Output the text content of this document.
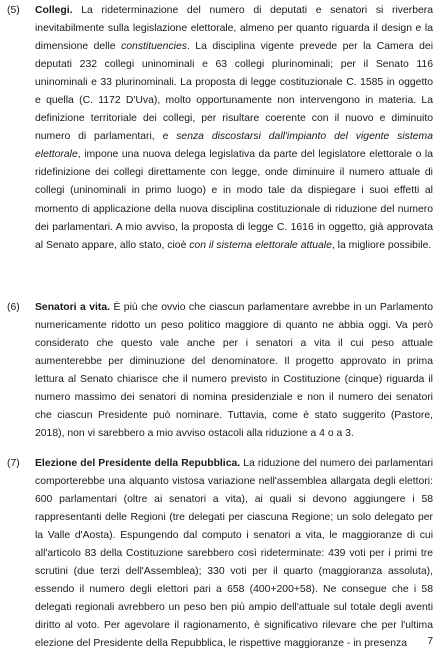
(5)	Collegi. La rideterminazione del numero di deputati e senatori si riverbera inevitabilmente sulla legislazione elettorale, almeno per quanto riguarda il design e la dimensione delle constituencies. La disciplina vigente prevede per la Camera dei deputati 232 collegi uninominali e 63 collegi plurinominali; per il Senato 116 uninominali e 33 plurinominali. La proposta di legge costituzionale C. 1585 in oggetto e quella (C. 1172 D'Uva), molto opportunamente non intervengono in materia. La definizione territoriale dei collegi, per risultare coerente con il nuovo e diminuito numero di parlamentari, e senza discostarsi dall'impianto del vigente sistema elettorale, impone una nuova delega legislativa da parte del legislatore elettorale o la ridefinizione dei collegi direttamente con legge, onde diminuire il numero attuale di collegi (uninominali in primo luogo) e in modo tale da dispiegare i suoi effetti al momento di applicazione della nuova disciplina costituzionale di riduzione del numero dei parlamentari. A mio avviso, la proposta di legge C. 1616 in oggetto, già approvata al Senato appare, allo stato, cioè con il sistema elettorale attuale, la migliore possibile.
(6)	Senatori a vita. È più che ovvio che ciascun parlamentare avrebbe in un Parlamento numericamente ridotto un peso politico maggiore di quanto ne abbia oggi. Va però considerato che questo vale anche per i senatori a vita il cui peso attuale aumenterebbe per diminuzione del denominatore. Il progetto approvato in prima lettura al Senato chiarisce che il numero previsto in Costituzione (cinque) riguarda il numero massimo dei senatori di nomina presidenziale e non il numero dei senatori che ciascun Presidente può nominare. Tuttavia, come è stato suggerito (Pastore, 2018), non vi sarebbero a mio avviso ostacoli alla riduzione a 4 o a 3.
(7)	Elezione del Presidente della Repubblica. La riduzione del numero dei parlamentari comporterebbe una alquanto vistosa variazione nell'assemblea allargata degli elettori: 600 parlamentari (oltre ai senatori a vita), ai quali si devono aggiungere i 58 rappresentanti delle Regioni (tre delegati per ciascuna Regione; un solo delegato per la Valle d'Aosta). Espungendo dal computo i senatori a vita, le maggioranze di cui all'articolo 83 della Costituzione sarebbero così rideterminate: 439 voti per i primi tre scrutini (due terzi dell'Assemblea); 330 voti per il quarto (maggioranza assoluta), essendo il numero degli elettori pari a 658 (400+200+58). Ne consegue che i 58 delegati regionali avrebbero un peso ben più ampio dell'attuale sul totale degli aventi diritto al voto. Per agevolare il ragionamento, è significativo rilevare che per l'ultima elezione del Presidente della Repubblica, le rispettive maggioranze - in presenza	7
